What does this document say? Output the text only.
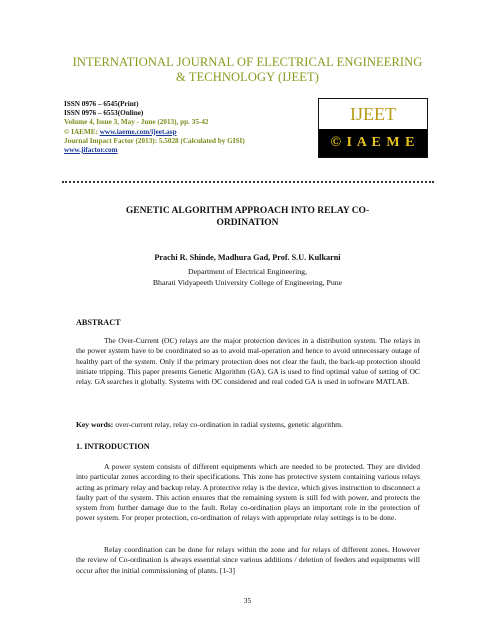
INTERNATIONAL JOURNAL OF ELECTRICAL ENGINEERING
& TECHNOLOGY (IJEET)
ISSN 0976 – 6545(Print)
ISSN 0976 – 6553(Online)
Volume 4, Issue 3, May - June (2013), pp. 35-42
© IAEME: www.iaeme.com/ijeet.asp
Journal Impact Factor (2013): 5.5028 (Calculated by GISI)
www.jifactor.com
IJEET
© I A E M E
GENETIC ALGORITHM APPROACH INTO RELAY CO-
ORDINATION
Prachi R. Shinde, Madhura Gad, Prof. S.U. Kulkarni
Department of Electrical Engineering,
Bharati Vidyapeeth University College of Engineering, Pune
ABSTRACT
The Over-Current (OC) relays are the major protection devices in a distribution system. The relays in the power system have to be coordinated so as to avoid mal-operation and hence to avoid unnecessary outage of healthy part of the system. Only if the primary protection does not clear the fault, the back-up protection should initiate tripping. This paper presents Genetic Algorithm (GA). GA is used to find optimal value of setting of OC relay. GA searches it globally. Systems with OC considered and real coded GA is used in software MATLAB.
Key words: over-current relay, relay co-ordination in radial systems, genetic algorithm.
1. INTRODUCTION
A power system consists of different equipments which are needed to be protected. They are divided into particular zones according to their specifications. This zone has protective system containing various relays acting as primary relay and backup relay. A protective relay is the device, which gives instruction to disconnect a faulty part of the system. This action ensures that the remaining system is still fed with power, and protects the system from further damage due to the fault. Relay co-ordination plays an important role in the protection of power system. For proper protection, co-ordination of relays with appropriate relay settings is to be done.
Relay coordination can be done for relays within the zone and for relays of different zones. However the review of Co-ordination is always essential since various additions / deletion of feeders and equipments will occur after the initial commissioning of plants. [1-3]
35
